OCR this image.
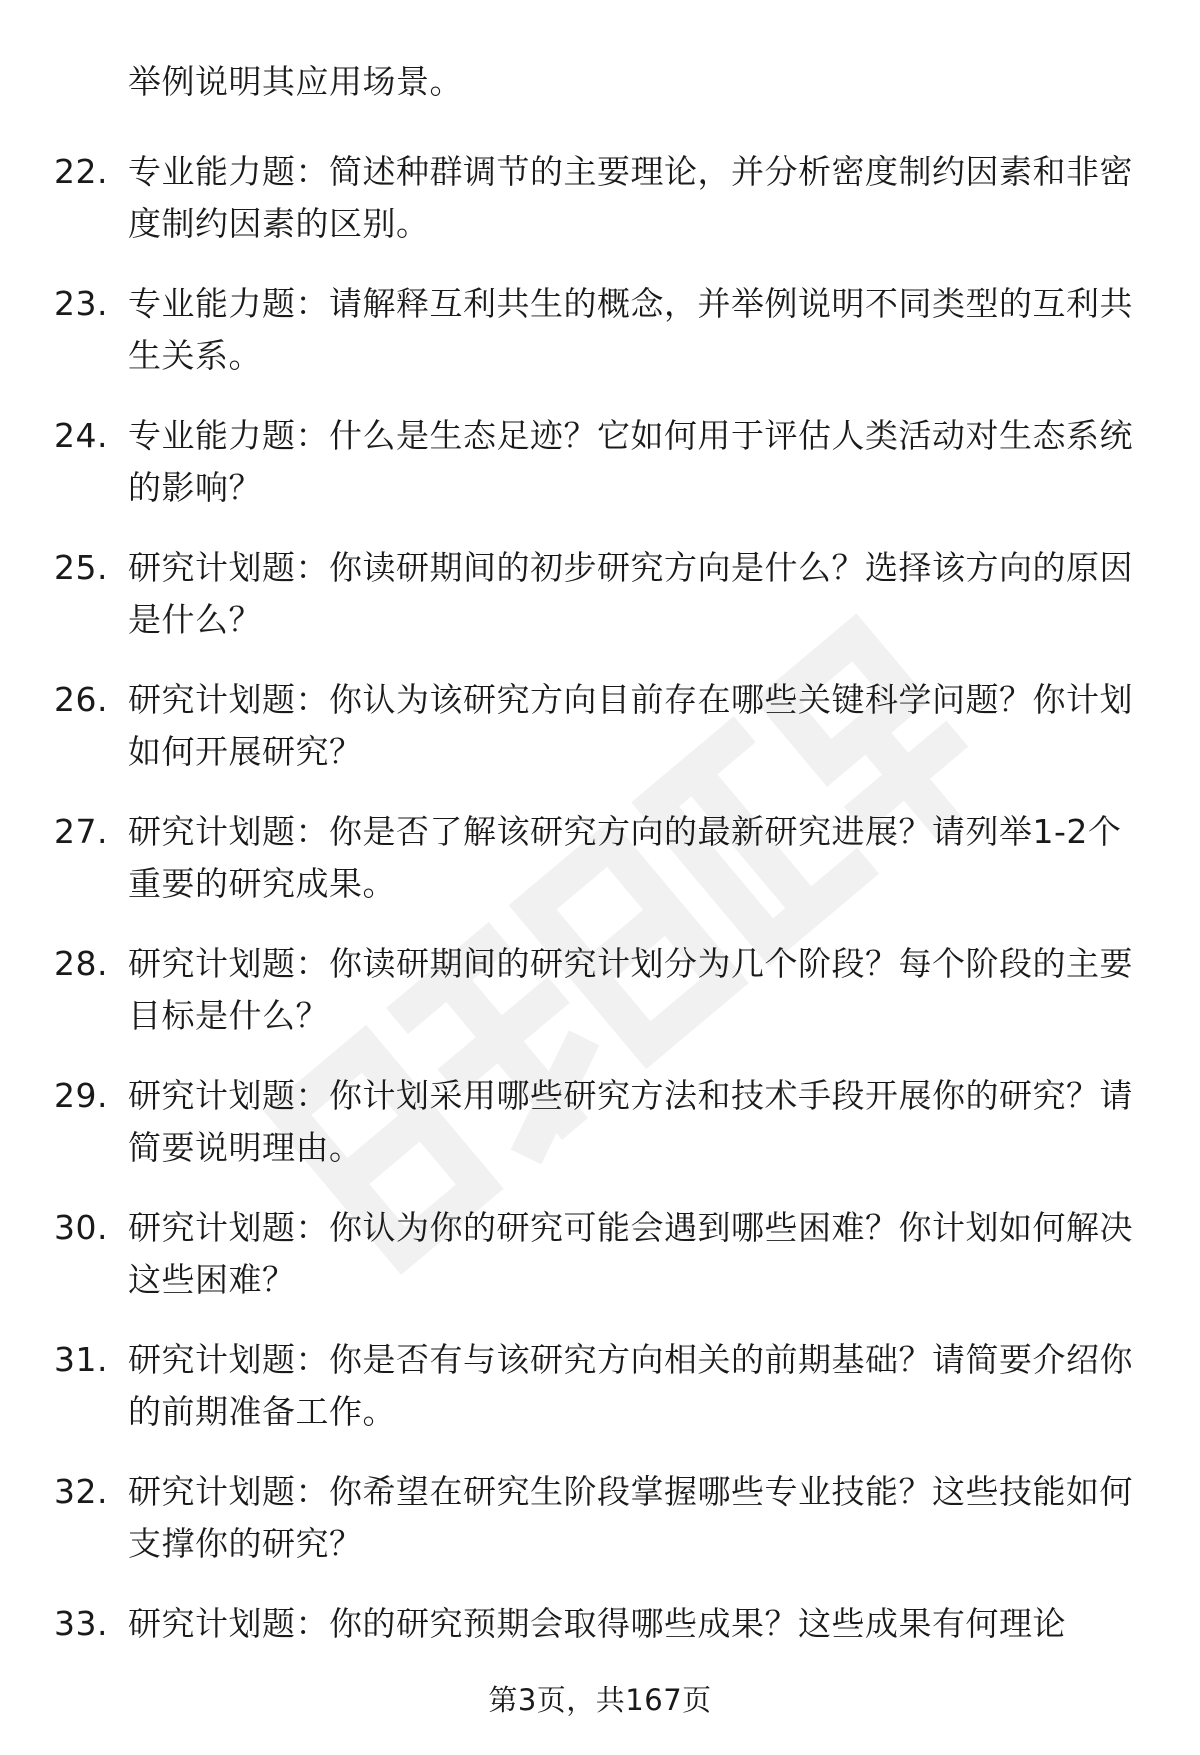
举例说明其应用场景。

22. 专业能力题：简述种群调节的主要理论，并分析密度制约因素和非密度制约因素的区别。

23. 专业能力题：请解释互利共生的概念，并举例说明不同类型的互利共生关系。

24. 专业能力题：什么是生态足迹？它如何用于评估人类活动对生态系统的影响？

25. 研究计划题：你读研期间的初步研究方向是什么？选择该方向的原因是什么？

26. 研究计划题：你认为该研究方向目前存在哪些关键科学问题？你计划如何开展研究？

27. 研究计划题：你是否了解该研究方向的最新研究进展？请列举1-2个重要的研究成果。

28. 研究计划题：你读研期间的研究计划分为几个阶段？每个阶段的主要目标是什么？

29. 研究计划题：你计划采用哪些研究方法和技术手段开展你的研究？请简要说明理由。

30. 研究计划题：你认为你的研究可能会遇到哪些困难？你计划如何解决这些困难？

31. 研究计划题：你是否有与该研究方向相关的前期基础？请简要介绍你的前期准备工作。

32. 研究计划题：你希望在研究生阶段掌握哪些专业技能？这些技能如何支撑你的研究？

33. 研究计划题：你的研究预期会取得哪些成果？这些成果有何理论

第3页，共167页
